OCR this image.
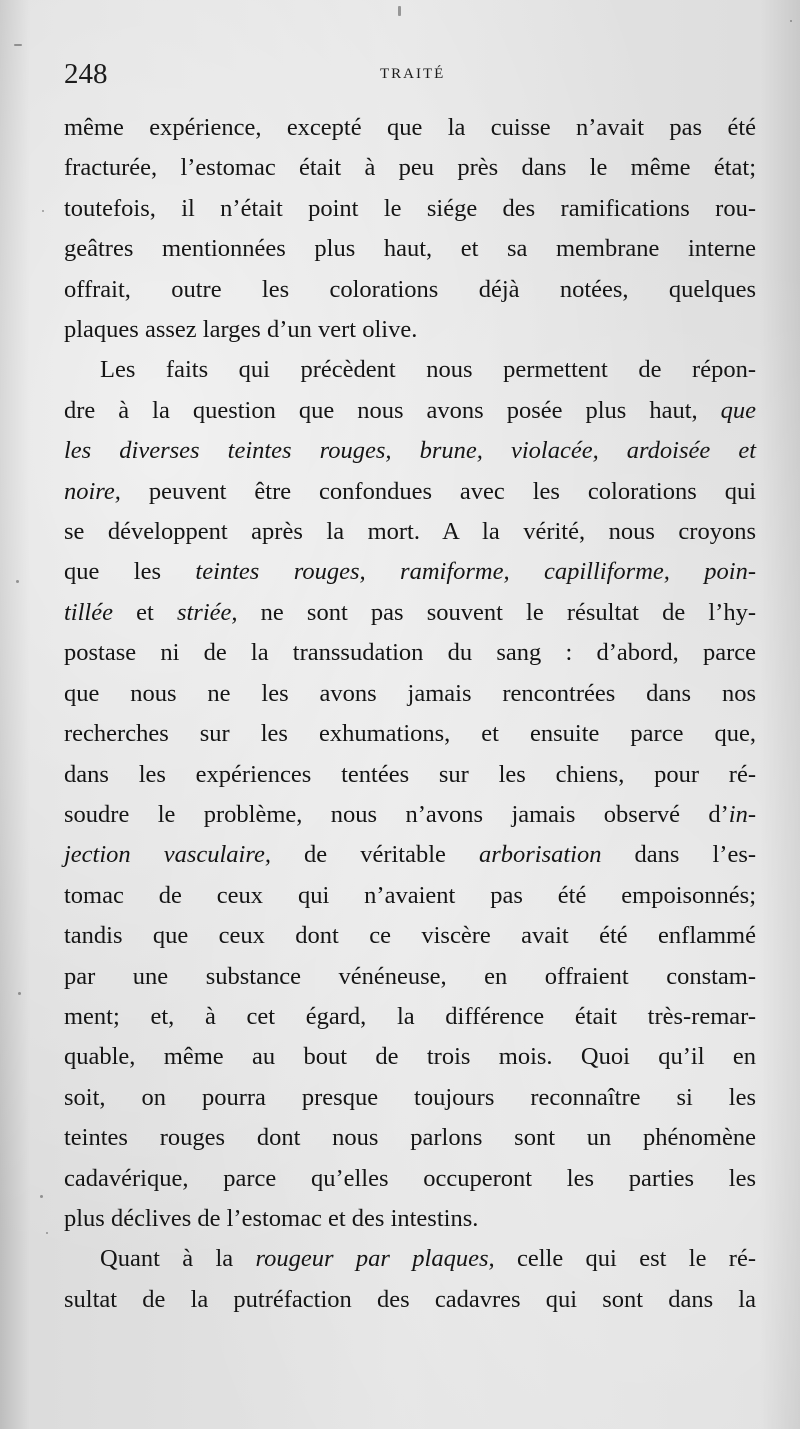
248	TRAITÉ
même expérience, excepté que la cuisse n’avait pas été
fracturée, l’estomac était à peu près dans le même état;
toutefois, il n’était point le siége des ramifications rou-
geâtres mentionnées plus haut, et sa membrane interne
offrait, outre les colorations déjà notées, quelques
plaques assez larges d’un vert olive.
Les faits qui précèdent nous permettent de répon-
dre à la question que nous avons posée plus haut, que
les diverses teintes rouges, brune, violacée, ardoisée et
noire, peuvent être confondues avec les colorations qui
se développent après la mort. A la vérité, nous croyons
que les teintes rouges, ramiforme, capilliforme, poin-
tillée et striée, ne sont pas souvent le résultat de l’hy-
postase ni de la transsudation du sang : d’abord, parce
que nous ne les avons jamais rencontrées dans nos
recherches sur les exhumations, et ensuite parce que,
dans les expériences tentées sur les chiens, pour ré-
soudre le problème, nous n’avons jamais observé d’in-
jection vasculaire, de véritable arborisation dans l’es-
tomac de ceux qui n’avaient pas été empoisonnés;
tandis que ceux dont ce viscère avait été enflammé
par une substance vénéneuse, en offraient constam-
ment; et, à cet égard, la différence était très-remar-
quable, même au bout de trois mois. Quoi qu’il en
soit, on pourra presque toujours reconnaître si les
teintes rouges dont nous parlons sont un phénomène
cadavérique, parce qu’elles occuperont les parties les
plus déclives de l’estomac et des intestins.
Quant à la rougeur par plaques, celle qui est le ré-
sultat de la putréfaction des cadavres qui sont dans la
